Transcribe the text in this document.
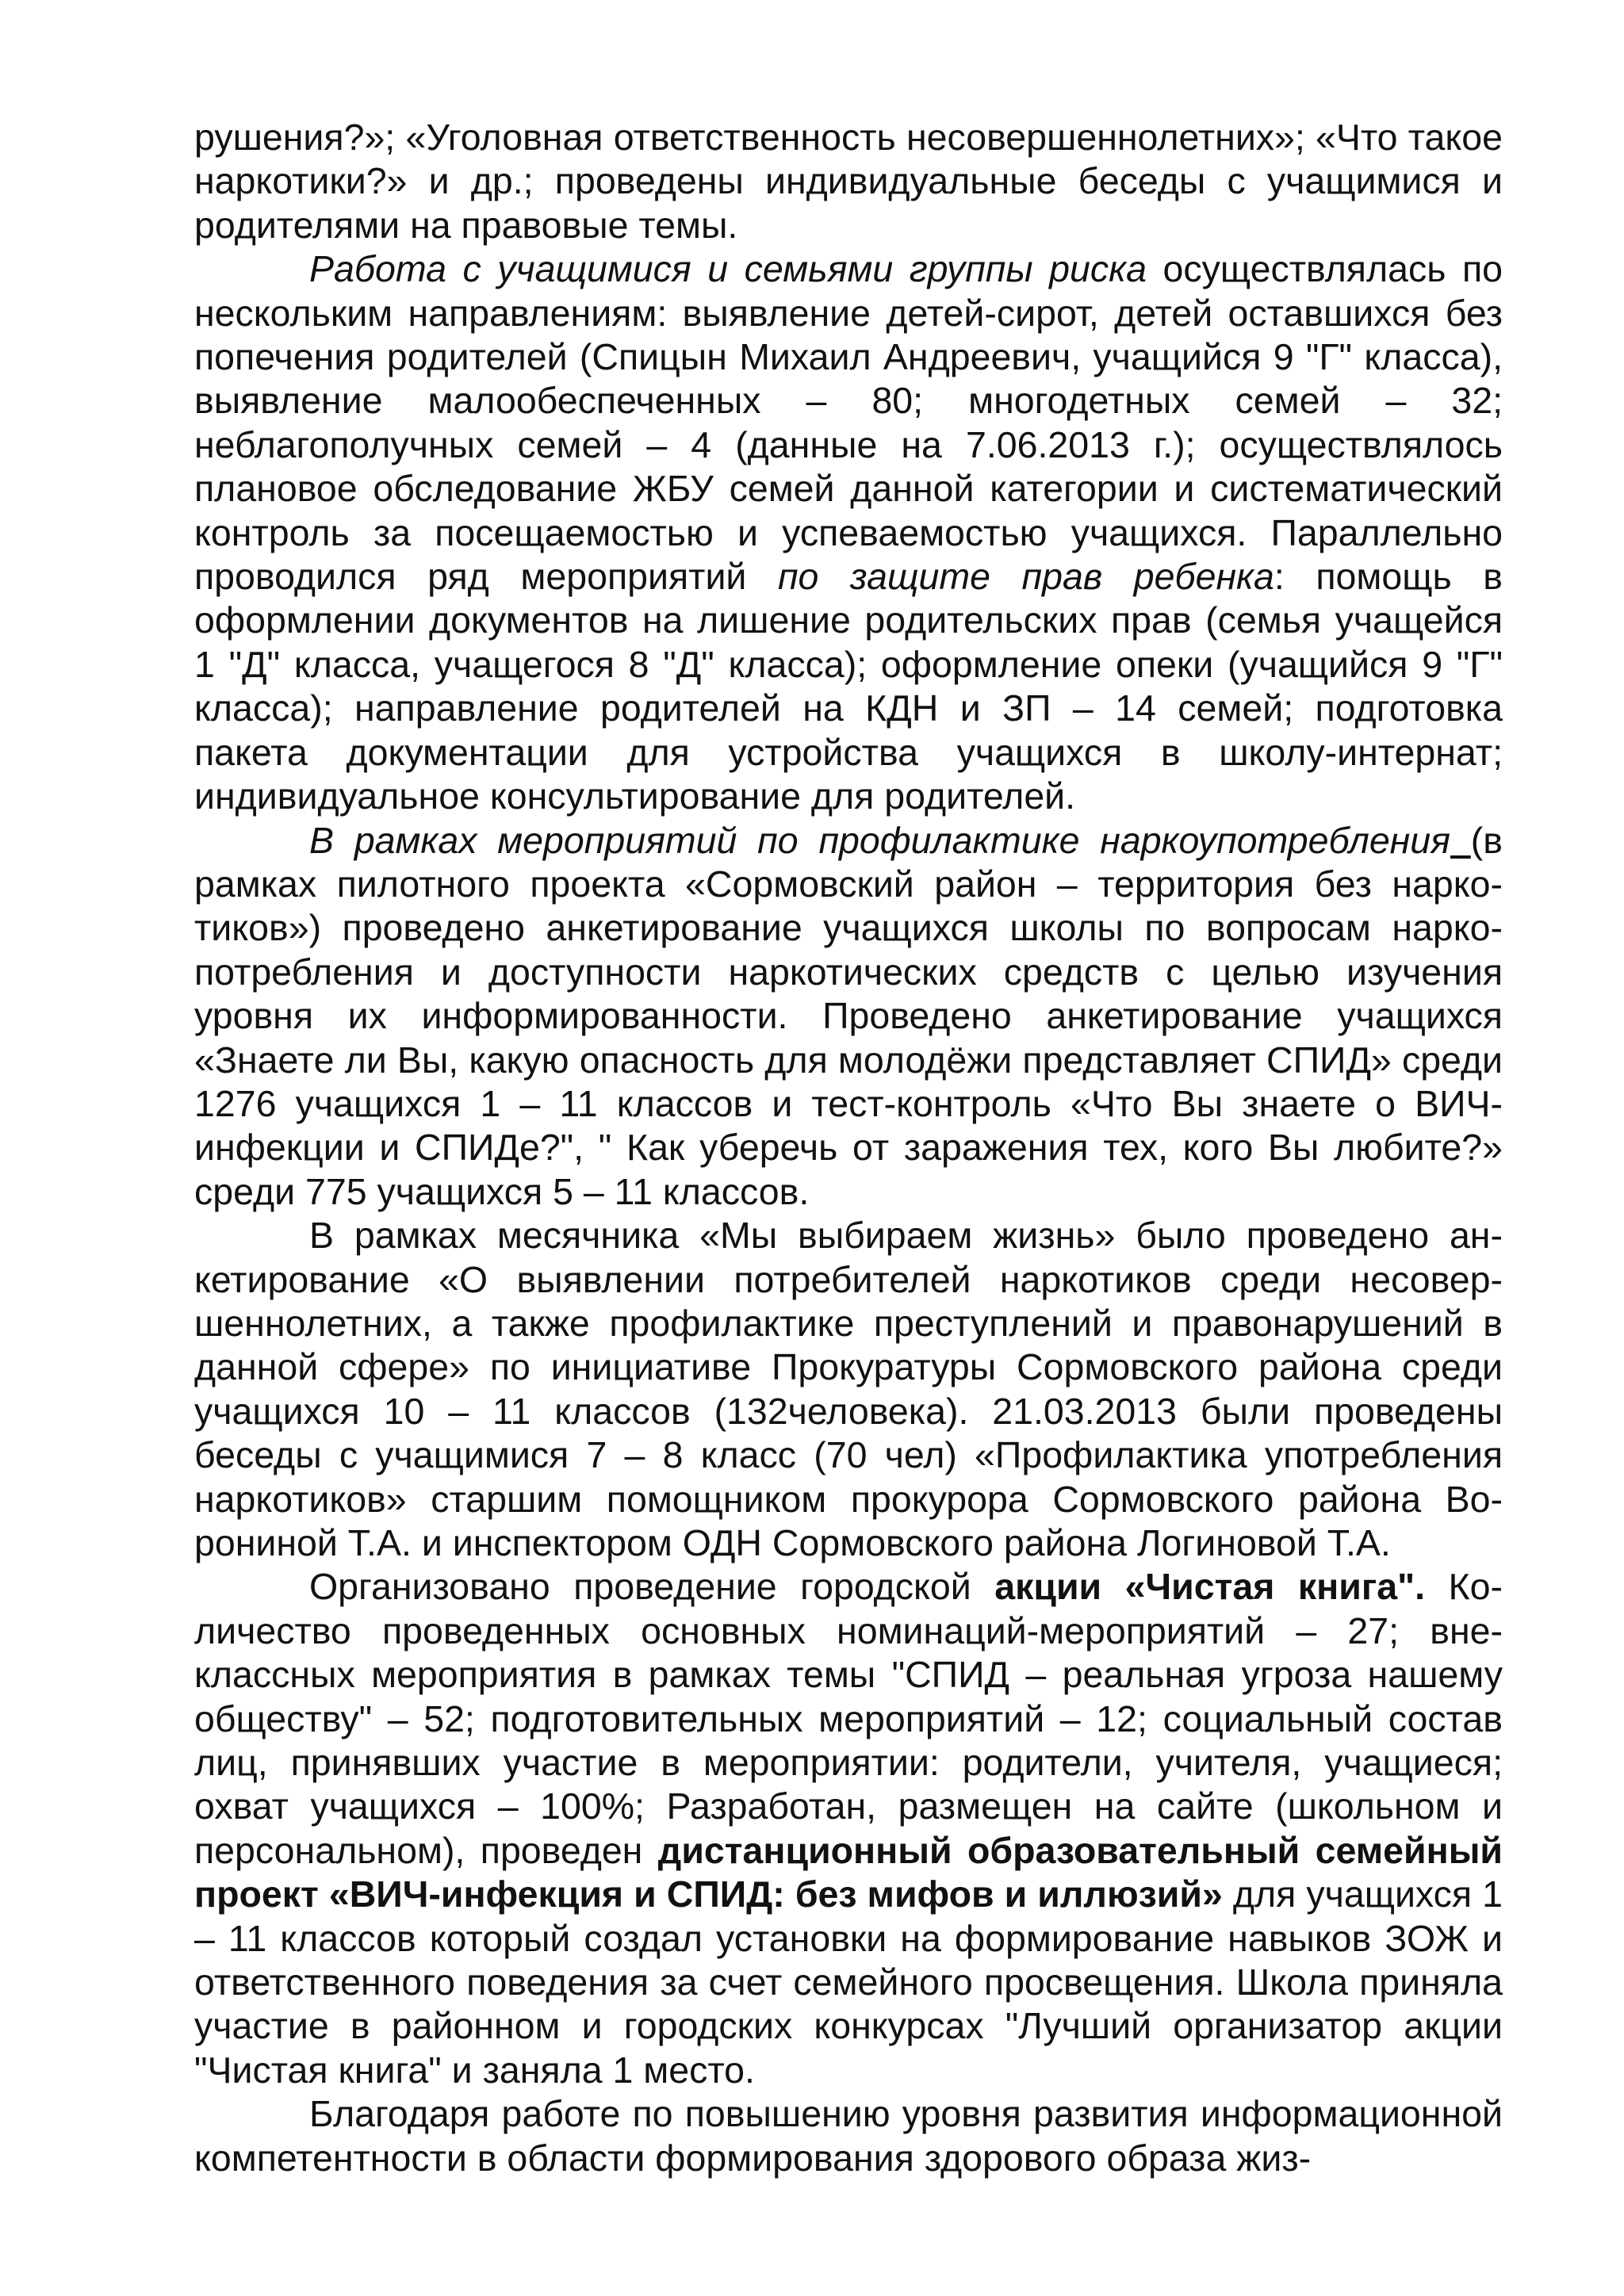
рушения?»; «Уголовная ответственность несовершеннолетних»; «Что такое наркотики?» и др.; проведены индивидуальные беседы с учащимися и родителями на правовые темы.

Работа с учащимися и семьями группы риска осуществлялась по нескольким направлениям: выявление детей-сирот, детей оставшихся без попечения родителей (Спицын Михаил Андреевич, учащийся 9 "Г" класса), выявление малообеспеченных – 80; многодетных семей – 32; неблагополучных семей – 4 (данные на 7.06.2013 г.); осуществлялось плановое обследование ЖБУ семей данной категории и систематический контроль за посещаемостью и успеваемостью учащихся. Параллельно проводился ряд мероприятий по защите прав ребенка: помощь в оформлении документов на лишение родительских прав (семья учащейся 1 "Д" класса, учащегося 8 "Д" класса); оформление опеки (учащийся 9 "Г" класса); направление родителей на КДН и ЗП – 14 семей; подготовка пакета документации для устройства учащихся в школу-интернат; индивидуальное консультирование для родителей.

В рамках мероприятий по профилактике наркоупотребления (в рамках пилотного проекта «Сормовский район – территория без наркотиков») проведено анкетирование учащихся школы по вопросам наркопотребления и доступности наркотических средств с целью изучения уровня их информированности. Проведено анкетирование учащихся «Знаете ли Вы, какую опасность для молодёжи представляет СПИД» среди 1276 учащихся 1 – 11 классов и тест-контроль «Что Вы знаете о ВИЧ-инфекции и СПИДе?", " Как уберечь от заражения тех, кого Вы любите?» среди 775 учащихся 5 – 11 классов.

В рамках месячника «Мы выбираем жизнь» было проведено анкетирование «О выявлении потребителей наркотиков среди несовершеннолетних, а также профилактике преступлений и правонарушений в данной сфере» по инициативе Прокуратуры Сормовского района среди учащихся 10 – 11 классов (132человека). 21.03.2013 были проведены беседы с учащимися 7 – 8 класс (70 чел) «Профилактика употребления наркотиков» старшим помощником прокурора Сормовского района Ворониной Т.А. и инспектором ОДН Сормовского района Логиновой Т.А.

Организовано проведение городской акции «Чистая книга". Количество проведенных основных номинаций-мероприятий – 27; внеклассных мероприятия в рамках темы "СПИД – реальная угроза нашему обществу" – 52; подготовительных мероприятий – 12; социальный состав лиц, принявших участие в мероприятии: родители, учителя, учащиеся; охват учащихся – 100%; Разработан, размещен на сайте (школьном и персональном), проведен дистанционный образовательный семейный проект «ВИЧ-инфекция и СПИД: без мифов и иллюзий» для учащихся 1 – 11 классов который создал установки на формирование навыков ЗОЖ и ответственного поведения за счет семейного просвещения. Школа приняла участие в районном и городских конкурсах "Лучший организатор акции "Чистая книга" и заняла 1 место.

Благодаря работе по повышению уровня развития информационной компетентности в области формирования здорового образа жиз-
